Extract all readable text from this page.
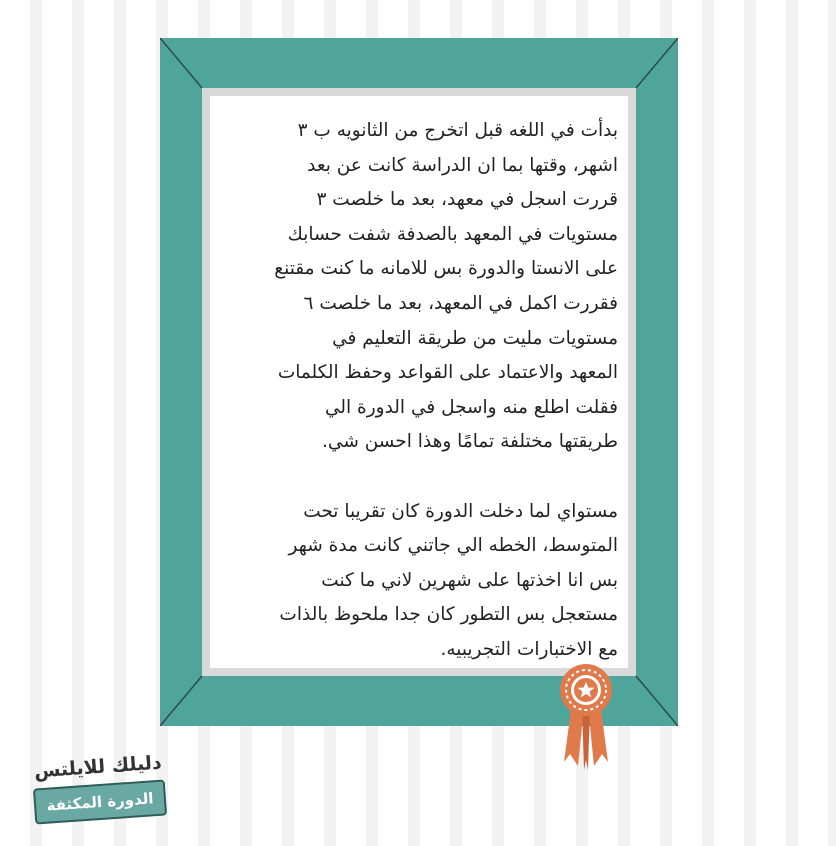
بدأت في اللغه قبل اتخرج من الثانويه ب ٣

اشهر، وقتها بما ان الدراسة كانت عن بعد

قررت اسجل في معهد، بعد ما خلصت ٣

مستويات في المعهد بالصدفة شفت حسابك

على الانستا والدورة بس للامانه ما كنت مقتنع

فقررت اكمل في المعهد، بعد ما خلصت ٦

مستويات مليت من طريقة التعليم في

المعهد والاعتماد على القواعد وحفظ الكلمات

فقلت اطلع منه واسجل في الدورة الي

طريقتها مختلفة تمامًا وهذا احسن شي.

مستواي لما دخلت الدورة كان تقريبا تحت

المتوسط، الخطه الي جاتني كانت مدة شهر

بس انا اخذتها على شهرين لاني ما كنت

مستعجل بس التطور كان جدا ملحوظ بالذات

مع الاختبارات التجريبيه.

دليلك للايلتس
الدورة المكثفة
